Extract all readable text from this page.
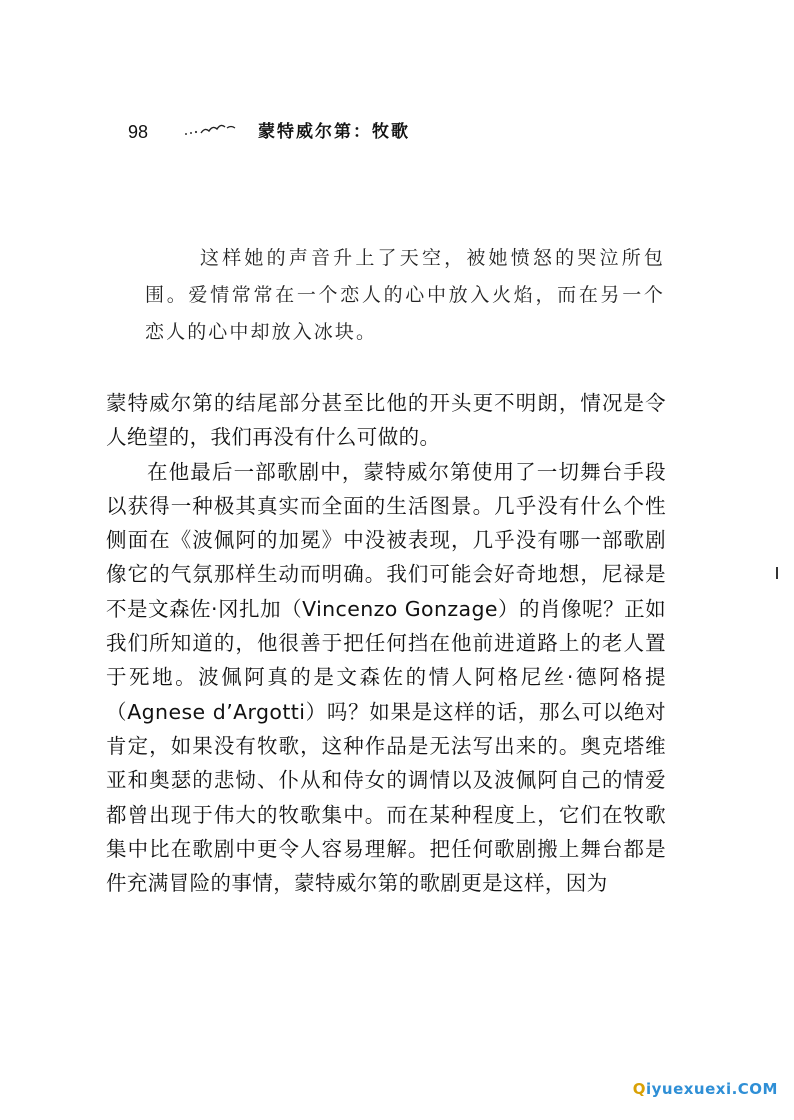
98	蒙特威尔第：牧歌

这样她的声音升上了天空，被她愤怒的哭泣所包围。爱情常常在一个恋人的心中放入火焰，而在另一个恋人的心中却放入冰块。

蒙特威尔第的结尾部分甚至比他的开头更不明朗，情况是令人绝望的，我们再没有什么可做的。

在他最后一部歌剧中，蒙特威尔第使用了一切舞台手段以获得一种极其真实而全面的生活图景。几乎没有什么个性侧面在《波佩阿的加冕》中没被表现，几乎没有哪一部歌剧像它的气氛那样生动而明确。我们可能会好奇地想，尼禄是不是文森佐·冈扎加（Vincenzo Gonzage）的肖像呢？正如我们所知道的，他很善于把任何挡在他前进道路上的老人置于死地。波佩阿真的是文森佐的情人阿格尼丝·德阿格提（Agnese d’Argotti）吗？如果是这样的话，那么可以绝对肯定，如果没有牧歌，这种作品是无法写出来的。奥克塔维亚和奥瑟的悲恸、仆从和侍女的调情以及波佩阿自己的情爱都曾出现于伟大的牧歌集中。而在某种程度上，它们在牧歌集中比在歌剧中更令人容易理解。把任何歌剧搬上舞台都是件充满冒险的事情，蒙特威尔第的歌剧更是这样，因为

Qiyuexuexi.COM
